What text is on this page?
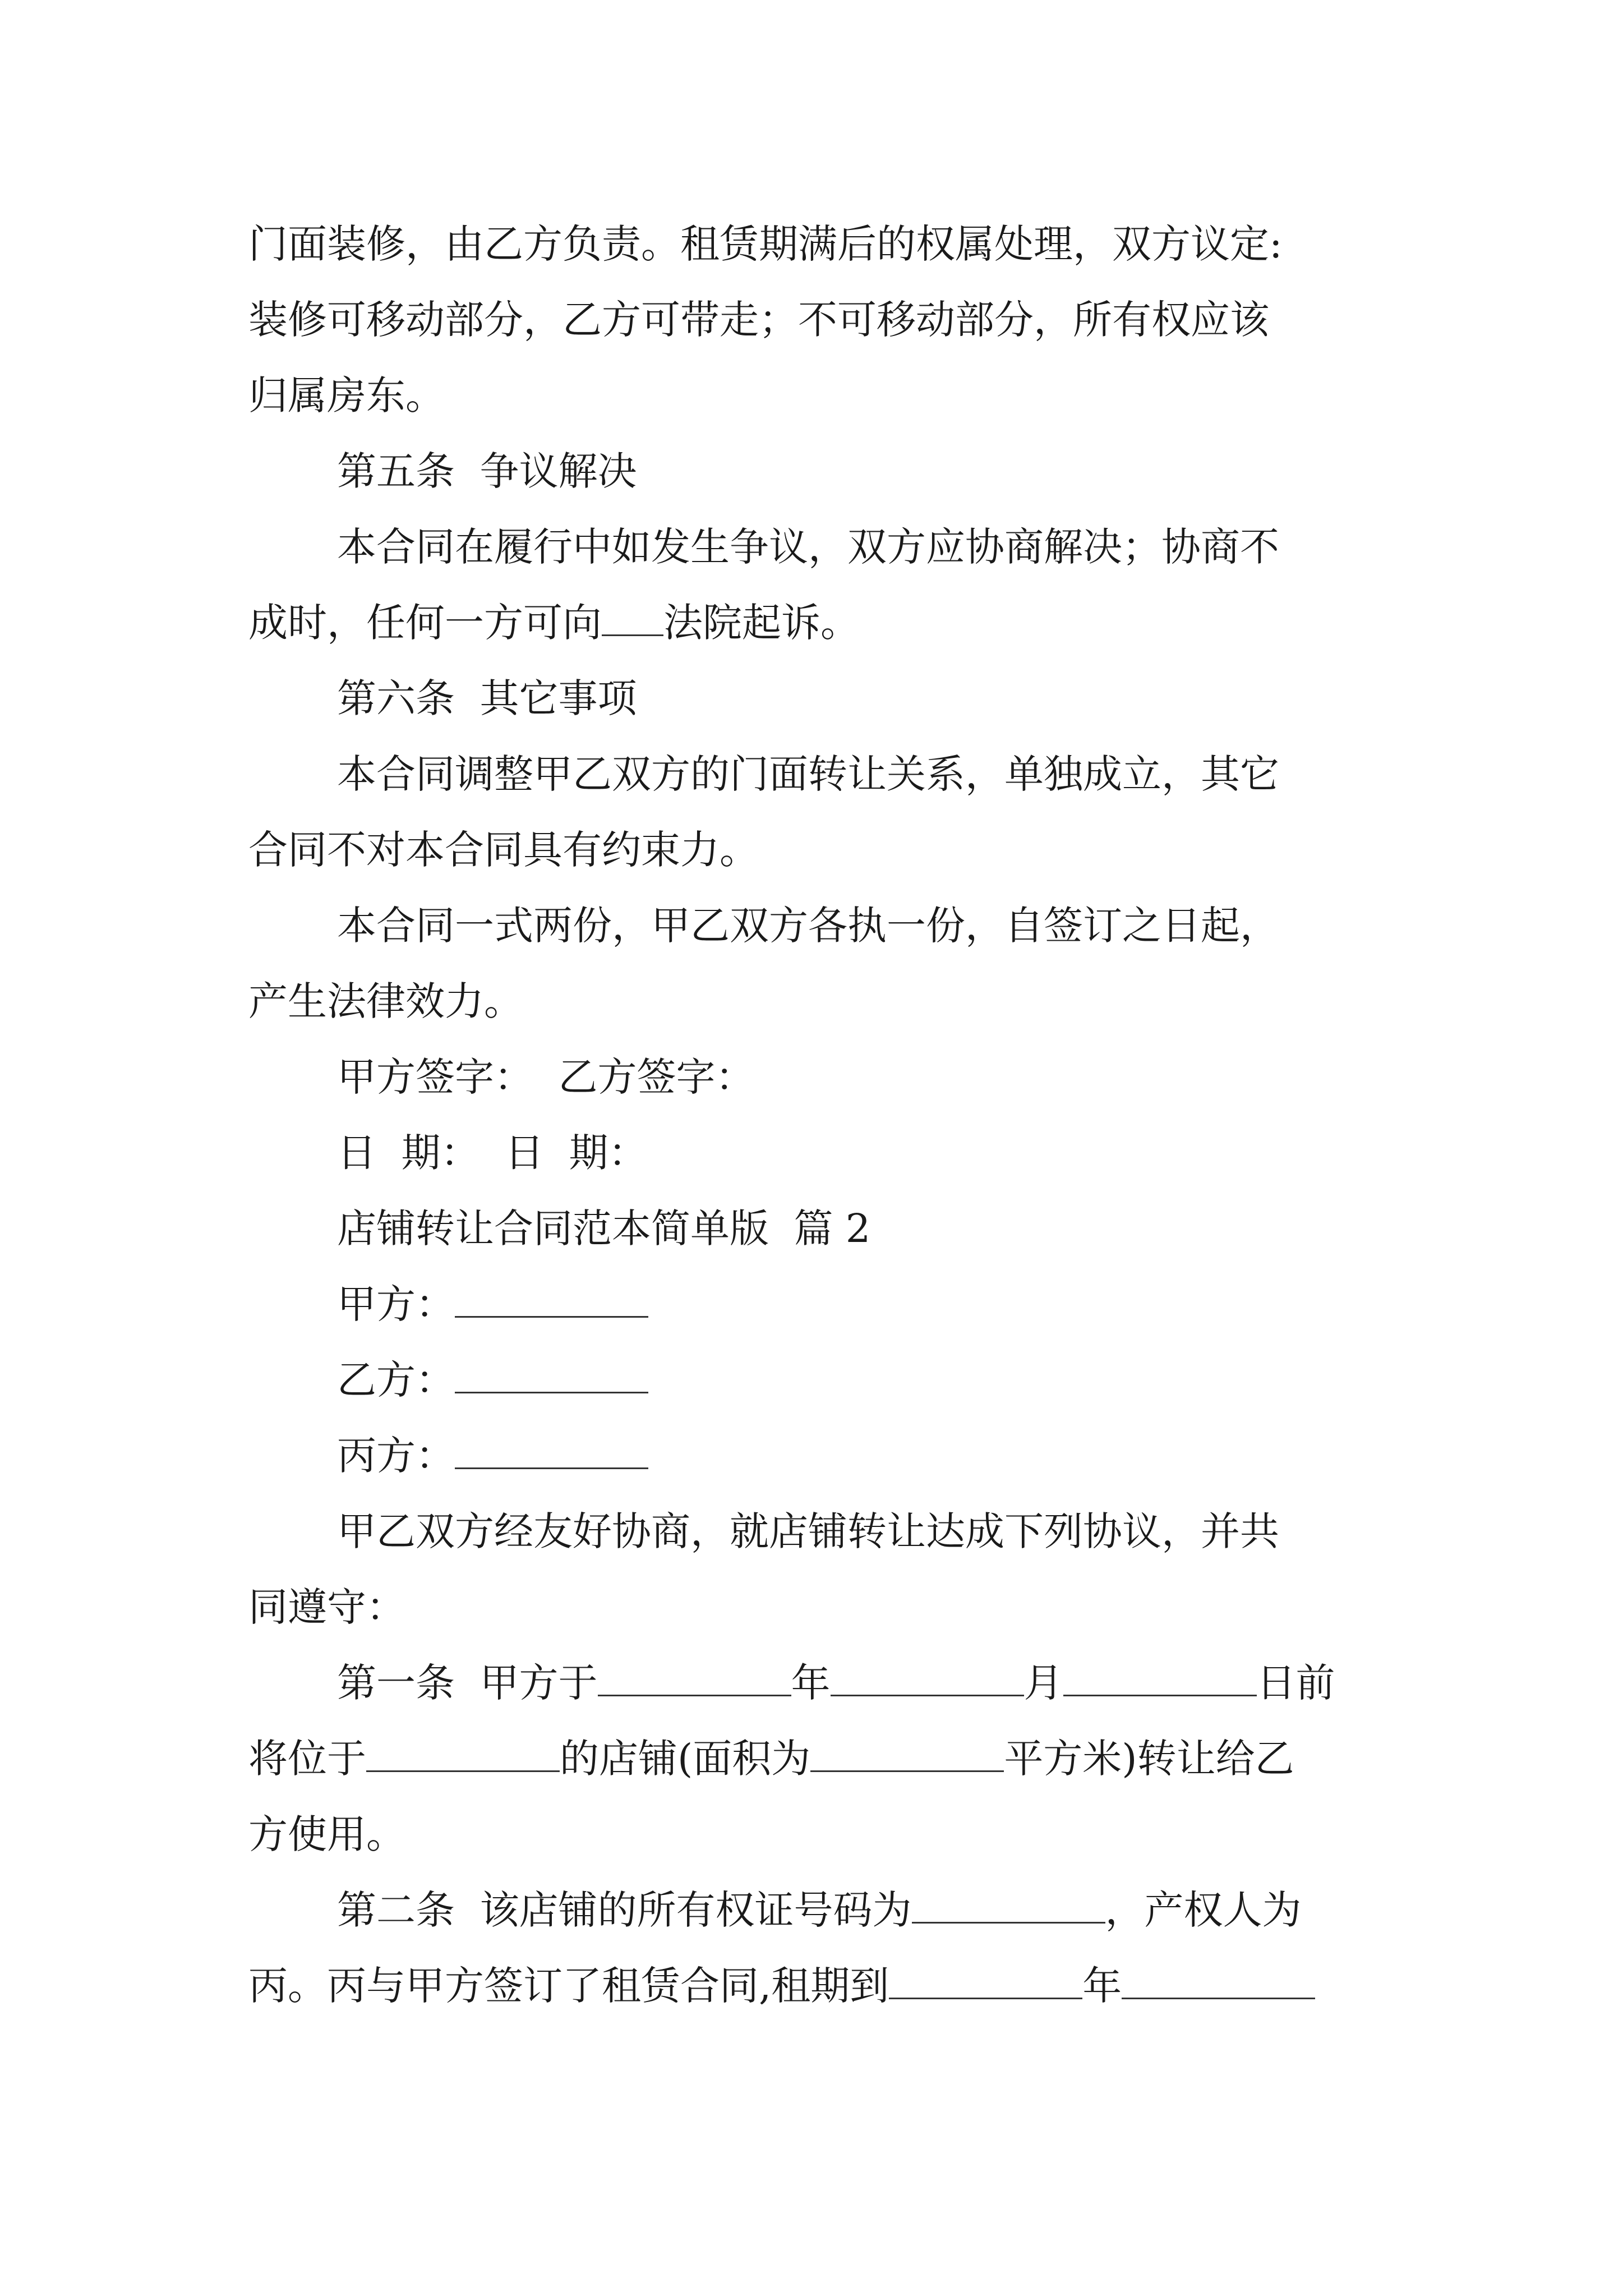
门面装修，由乙方负责。租赁期满后的权属处理，双方议定:
装修可移动部分，乙方可带走；不可移动部分，所有权应该
归属房东。
第五条  争议解决
本合同在履行中如发生争议，双方应协商解决；协商不
成时，任何一方可向 法院起诉。
第六条  其它事项
本合同调整甲乙双方的门面转让关系，单独成立，其它
合同不对本合同具有约束力。
本合同一式两份，甲乙双方各执一份，自签订之日起，
产生法律效力。
甲方签字：  乙方签字：
日  期：  日  期：
店铺转让合同范本简单版  篇 2
甲方：
乙方：
丙方：
甲乙双方经友好协商，就店铺转让达成下列协议，并共
同遵守：
第一条  甲方于	年	月	日前
将位于	的店铺(面积为	平方米)转让给乙
方使用。
第二条  该店铺的所有权证号码为	，产权人为
丙。丙与甲方签订了租赁合同,租期到	年
